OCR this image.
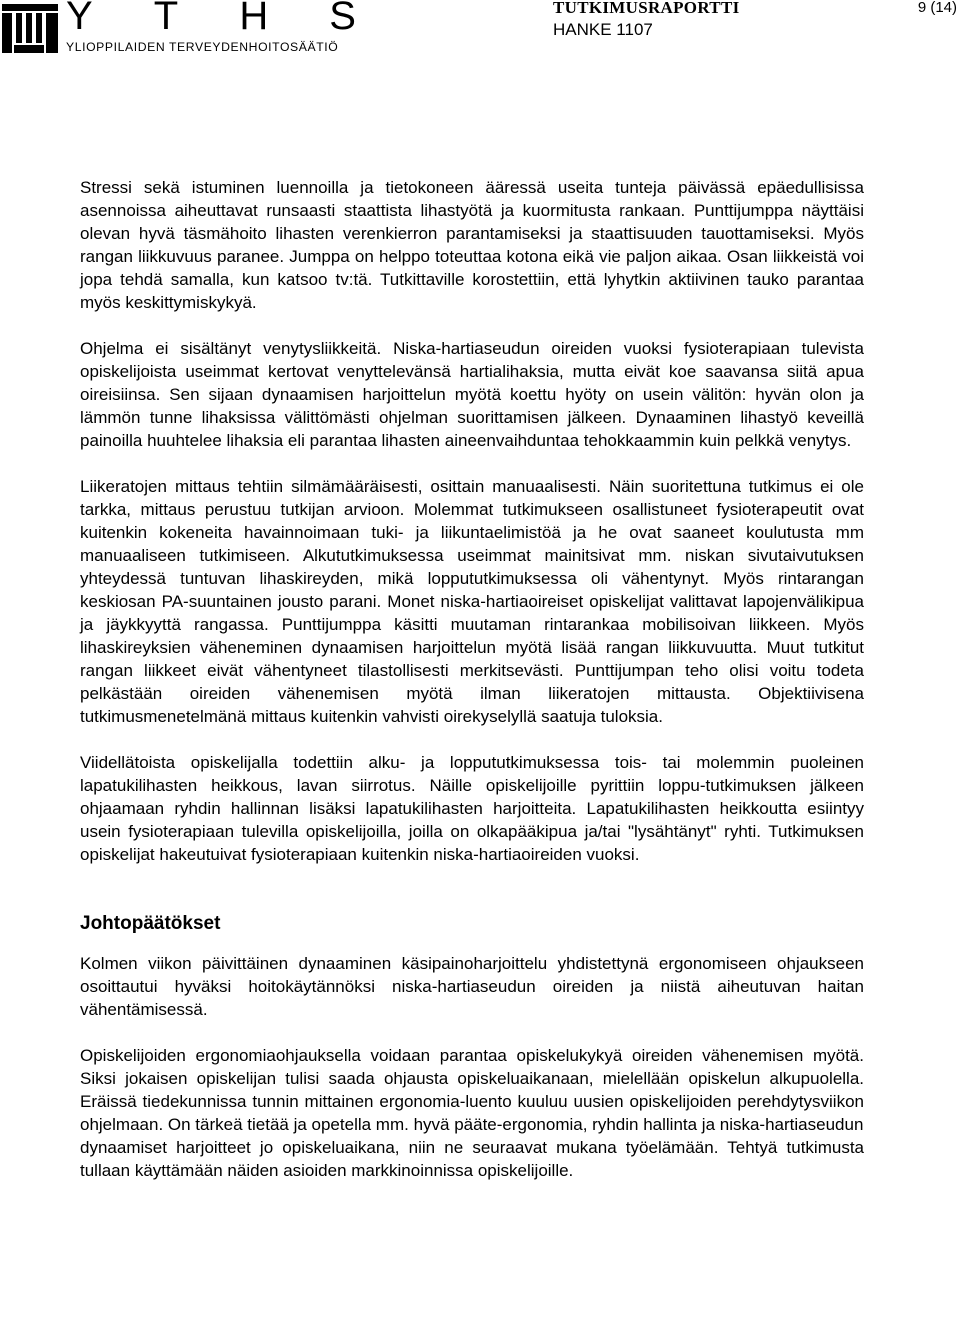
Y T H S
YLIOPPILAIDEN TERVEYDENHOITOSÄÄTIÖ
TUTKIMUSRAPORTTI
HANKE 1107
9 (14)

Stressi sekä istuminen luennoilla ja tietokoneen ääressä useita tunteja päivässä epäedullisissa asennoissa aiheuttavat runsaasti staattista lihastyötä ja kuormitusta rankaan. Punttijumppa näyttäisi olevan hyvä täsmähoito lihasten verenkierron parantamiseksi ja staattisuuden tauottamiseksi. Myös rangan liikkuvuus paranee. Jumppa on helppo toteuttaa kotona eikä vie paljon aikaa. Osan liikkeistä voi jopa tehdä samalla, kun katsoo tv:tä. Tutkittaville korostettiin, että lyhytkin aktiivinen tauko parantaa myös keskittymiskykyä.

Ohjelma ei sisältänyt venytysliikkeitä. Niska-hartiaseudun oireiden vuoksi fysioterapiaan tulevista opiskelijoista useimmat kertovat venyttelevänsä hartialihaksia, mutta eivät koe saavansa siitä apua oireisiinsa. Sen sijaan dynaamisen harjoittelun myötä koettu hyöty on usein välitön: hyvän olon ja lämmön tunne lihaksissa välittömästi ohjelman suorittamisen jälkeen. Dynaaminen lihastyö keveillä painoilla huuhtelee lihaksia eli parantaa lihasten aineenvaihduntaa tehokkaammin kuin pelkkä venytys.

Liikeratojen mittaus tehtiin silmämääräisesti, osittain manuaalisesti. Näin suoritettuna tutkimus ei ole tarkka, mittaus perustuu tutkijan arvioon. Molemmat tutkimukseen osallistuneet fysioterapeutit ovat kuitenkin kokeneita havainnoimaan tuki- ja liikuntaelimistöä ja he ovat saaneet koulutusta mm manuaaliseen tutkimiseen. Alkututkimuksessa useimmat mainitsivat mm. niskan sivutaivutuksen yhteydessä tuntuvan lihaskireyden, mikä loppututkimuksessa oli vähentynyt. Myös rintarangan keskiosan PA-suuntainen jousto parani. Monet niska-hartiaoireiset opiskelijat valittavat lapojenvälikipua ja jäykkyyttä rangassa. Punttijumppa käsitti muutaman rintarankaa mobilisoivan liikkeen. Myös lihaskireyksien väheneminen dynaamisen harjoittelun myötä lisää rangan liikkuvuutta. Muut tutkitut rangan liikkeet eivät vähentyneet tilastollisesti merkitsevästi. Punttijumpan teho olisi voitu todeta pelkästään oireiden vähenemisen myötä ilman liikeratojen mittausta. Objektiivisena tutkimusmenetelmänä mittaus kuitenkin vahvisti oirekyselyllä saatuja tuloksia.

Viidellätoista opiskelijalla todettiin alku- ja loppututkimuksessa tois- tai molemmin puoleinen lapatukilihasten heikkous, lavan siirrotus. Näille opiskelijoille pyrittiin loppu-tutkimuksen jälkeen ohjaamaan ryhdin hallinnan lisäksi lapatukilihasten harjoitteita. Lapatukilihasten heikkoutta esiintyy usein fysioterapiaan tulevilla opiskelijoilla, joilla on olkapääkipua ja/tai "lysähtänyt" ryhti. Tutkimuksen opiskelijat hakeutuivat fysioterapiaan kuitenkin niska-hartiaoireiden vuoksi.

Johtopäätökset

Kolmen viikon päivittäinen dynaaminen käsipainoharjoittelu yhdistettynä ergonomiseen ohjaukseen osoittautui hyväksi hoitokäytännöksi niska-hartiaseudun oireiden ja niistä aiheutuvan haitan vähentämisessä.

Opiskelijoiden ergonomiaohjauksella voidaan parantaa opiskelukykyä oireiden vähenemisen myötä. Siksi jokaisen opiskelijan tulisi saada ohjausta opiskeluaikanaan, mielellään opiskelun alkupuolella. Eräissä tiedekunnissa tunnin mittainen ergonomia-luento kuuluu uusien opiskelijoiden perehdytysviikon ohjelmaan. On tärkeä tietää ja opetella mm. hyvä pääte-ergonomia, ryhdin hallinta ja niska-hartiaseudun

dynaamiset harjoitteet jo opiskeluaikana, niin ne seuraavat mukana työelämään. Tehtyä tutkimusta tullaan käyttämään näiden asioiden markkinoinnissa opiskelijoille.
